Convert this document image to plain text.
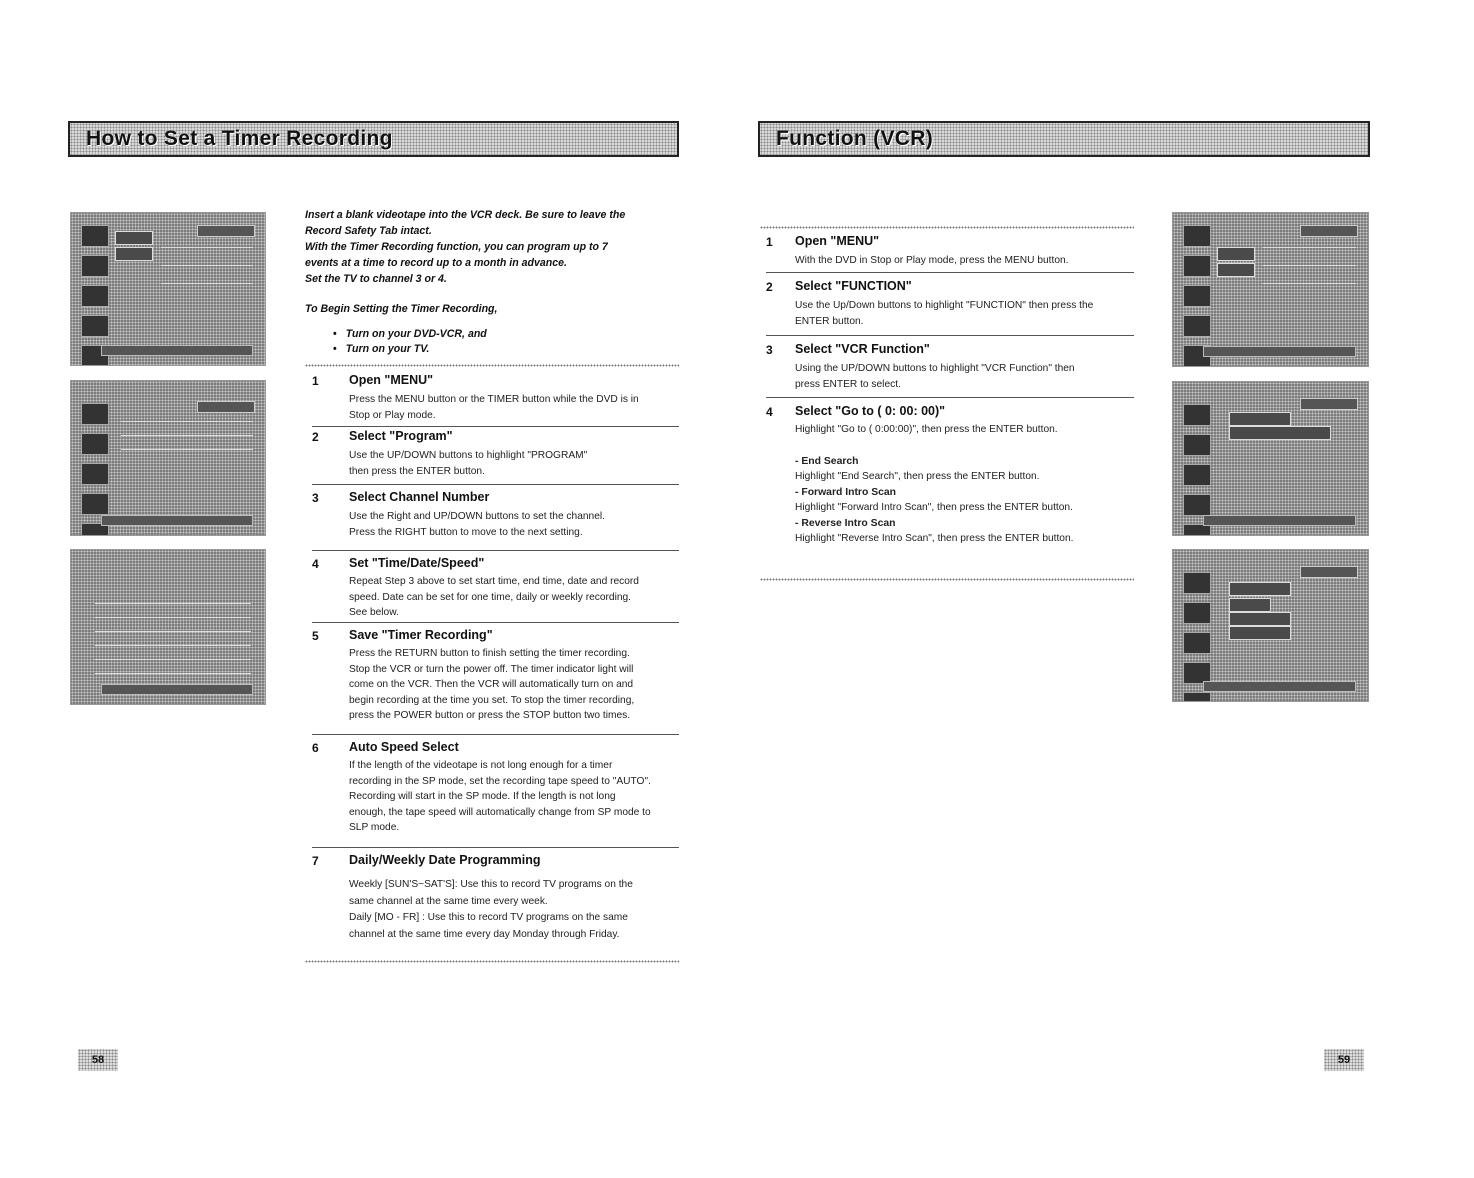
How to Set a Timer Recording

Insert a blank videotape into the VCR deck. Be sure to leave the

Record Safety Tab intact.

With the Timer Recording function, you can program up to 7

events at a time to record up to a month in advance.

Set the TV to channel 3 or 4.

To Begin Setting the Timer Recording,

• Turn on your DVD-VCR, and
• Turn on your TV.
1 Open "MENU"
Press the MENU button or the TIMER button while the DVD is in
Stop or Play mode.
2 Select "Program"
Use the UP/DOWN buttons to highlight "PROGRAM"
then press the ENTER button.
3 Select Channel Number
Use the Right and UP/DOWN buttons to set the channel.
Press the RIGHT button to move to the next setting.
4 Set "Time/Date/Speed"
Repeat Step 3 above to set start time, end time, date and record
speed. Date can be set for one time, daily or weekly recording.
See below.
5 Save "Timer Recording"
Press the RETURN button to finish setting the timer recording.
Stop the VCR or turn the power off. The timer indicator light will
come on the VCR. Then the VCR will automatically turn on and
begin recording at the time you set. To stop the timer recording,
press the POWER button or press the STOP button two times.
6 Auto Speed Select
If the length of the videotape is not long enough for a timer
recording in the SP mode, set the recording tape speed to "AUTO".
Recording will start in the SP mode. If the length is not long
enough, the tape speed will automatically change from SP mode to
SLP mode.
7 Daily/Weekly Date Programming
Weekly [SUN'S~SAT'S]: Use this to record TV programs on the
same channel at the same time every week.
Daily [MO - FR] : Use this to record TV programs on the same
channel at the same time every day Monday through Friday.
58
Function (VCR)
1 Open "MENU"
With the DVD in Stop or Play mode, press the MENU button.
2 Select "FUNCTION"
Use the Up/Down buttons to highlight "FUNCTION" then press the
ENTER button.
3 Select "VCR Function"
Using the UP/DOWN buttons to highlight "VCR Function" then
press ENTER to select.
4 Select "Go to ( 0: 00: 00)"
Highlight "Go to ( 0:00:00)", then press the ENTER button.
- End Search
Highlight "End Search", then press the ENTER button.
- Forward Intro Scan
Highlight "Forward Intro Scan", then press the ENTER button.
- Reverse Intro Scan
Highlight "Reverse Intro Scan", then press the ENTER button.
59
